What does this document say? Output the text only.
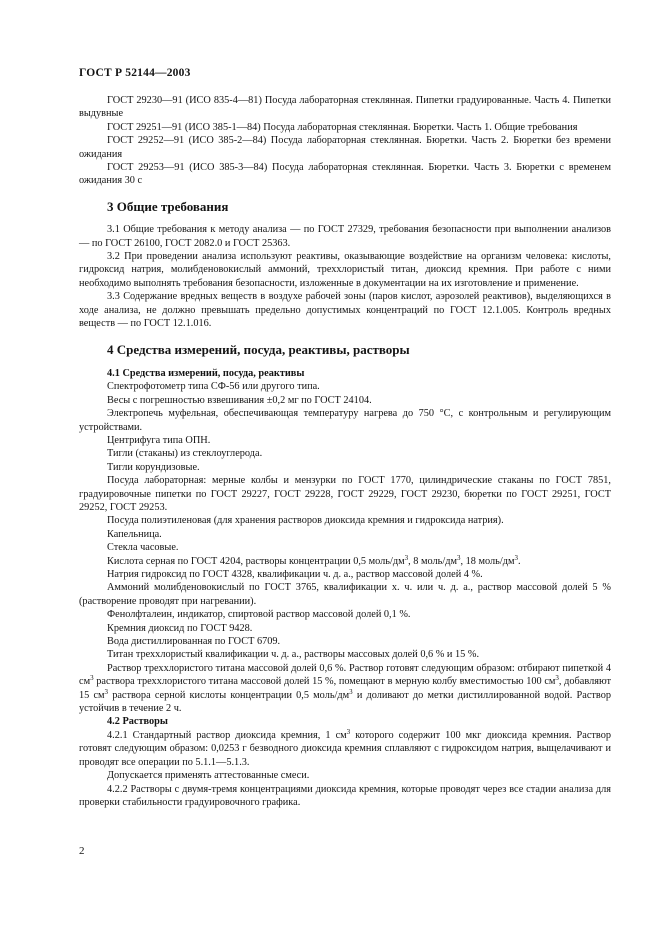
ГОСТ Р 52144—2003

ГОСТ 29230—91 (ИСО 835-4—81) Посуда лабораторная стеклянная. Пипетки градуированные. Часть 4. Пипетки выдувные

ГОСТ 29251—91 (ИСО 385-1—84) Посуда лабораторная стеклянная. Бюретки. Часть 1. Общие требования

ГОСТ 29252—91 (ИСО 385-2—84) Посуда лабораторная стеклянная. Бюретки. Часть 2. Бюретки без времени ожидания

ГОСТ 29253—91 (ИСО 385-3—84) Посуда лабораторная стеклянная. Бюретки. Часть 3. Бюретки с временем ожидания 30 с

3 Общие требования

3.1 Общие требования к методу анализа — по ГОСТ 27329, требования безопасности при выполнении анализов — по ГОСТ 26100, ГОСТ 2082.0 и ГОСТ 25363.

3.2 При проведении анализа используют реактивы, оказывающие воздействие на организм человека: кислоты, гидроксид натрия, молибденовокислый аммоний, треххлористый титан, диоксид кремния. При работе с ними необходимо выполнять требования безопасности, изложенные в документации на их изготовление и применение.

3.3 Содержание вредных веществ в воздухе рабочей зоны (паров кислот, аэрозолей реактивов), выделяющихся в ходе анализа, не должно превышать предельно допустимых концентраций по ГОСТ 12.1.005. Контроль вредных веществ — по ГОСТ 12.1.016.

4 Средства измерений, посуда, реактивы, растворы

4.1 Средства измерений, посуда, реактивы

Спектрофотометр типа СФ-56 или другого типа.

Весы с погрешностью взвешивания ±0,2 мг по ГОСТ 24104.

Электропечь муфельная, обеспечивающая температуру нагрева до 750 °С, с контрольным и регулирующим устройствами.

Центрифуга типа ОПН.

Тигли (стаканы) из стеклоуглерода.

Тигли корундизовые.

Посуда лабораторная: мерные колбы и мензурки по ГОСТ 1770, цилиндрические стаканы по ГОСТ 7851, градуировочные пипетки по ГОСТ 29227, ГОСТ 29228, ГОСТ 29229, ГОСТ 29230, бюретки по ГОСТ 29251, ГОСТ 29252, ГОСТ 29253.

Посуда полиэтиленовая (для хранения растворов диоксида кремния и гидроксида натрия).

Капельница.

Стекла часовые.

Кислота серная по ГОСТ 4204, растворы концентрации 0,5 моль/$дм^3$, 8 моль/$дм^3$, 18 моль/$дм^3$.

Натрия гидроксид по ГОСТ 4328, квалификации ч. д. а., раствор массовой долей 4 %.

Аммоний молибденовокислый по ГОСТ 3765, квалификации х. ч. или ч. д. а., раствор массовой долей 5 % (растворение проводят при нагревании).

Фенолфталеин, индикатор, спиртовой раствор массовой долей 0,1 %.

Кремния диоксид по ГОСТ 9428.

Вода дистиллированная по ГОСТ 6709.

Титан треххлористый квалификации ч. д. а., растворы массовых долей 0,6 % и 15 %.

Раствор треххлористого титана массовой долей 0,6 %. Раствор готовят следующим образом: отбирают пипеткой 4 $см^3$ раствора треххлористого титана массовой долей 15 %, помещают в мерную колбу вместимостью 100 $см^3$, добавляют 15 $см^3$ раствора серной кислоты концентрации 0,5 моль/$дм^3$ и доливают до метки дистиллированной водой. Раствор устойчив в течение 2 ч.

4.2 Растворы

4.2.1 Стандартный раствор диоксида кремния, 1 $см^3$ которого содержит 100 мкг диоксида кремния. Раствор готовят следующим образом: 0,0253 г безводного диоксида кремния сплавляют с гидроксидом натрия, выщелачивают и проводят все операции по 5.1.1—5.1.3.

Допускается применять аттестованные смеси.

4.2.2 Растворы с двумя-тремя концентрациями диоксида кремния, которые проводят через все стадии анализа для проверки стабильности градуировочного графика.

2
